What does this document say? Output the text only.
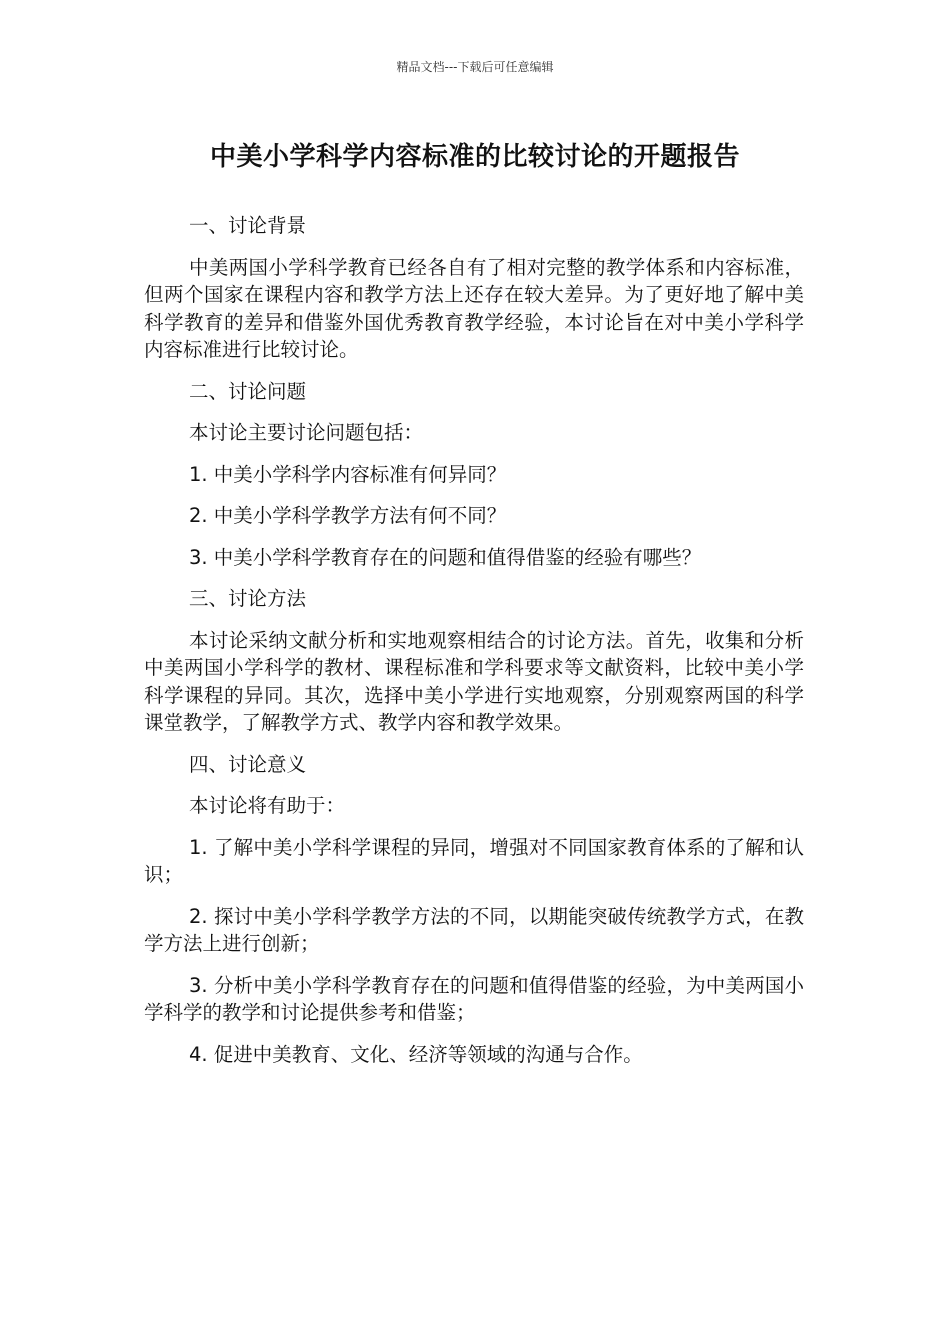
精品文档---下载后可任意编辑
中美小学科学内容标准的比较讨论的开题报告

一、讨论背景

中美两国小学科学教育已经各自有了相对完整的教学体系和内容标准，但两个国家在课程内容和教学方法上还存在较大差异。为了更好地了解中美科学教育的差异和借鉴外国优秀教育教学经验，本讨论旨在对中美小学科学内容标准进行比较讨论。

二、讨论问题

本讨论主要讨论问题包括：

1. 中美小学科学内容标准有何异同？

2. 中美小学科学教学方法有何不同？

3. 中美小学科学教育存在的问题和值得借鉴的经验有哪些？

三、讨论方法

本讨论采纳文献分析和实地观察相结合的讨论方法。首先，收集和分析中美两国小学科学的教材、课程标准和学科要求等文献资料，比较中美小学科学课程的异同。其次，选择中美小学进行实地观察，分别观察两国的科学课堂教学，了解教学方式、教学内容和教学效果。

四、讨论意义

本讨论将有助于：

1. 了解中美小学科学课程的异同，增强对不同国家教育体系的了解和认识；

2. 探讨中美小学科学教学方法的不同，以期能突破传统教学方式，在教学方法上进行创新；

3. 分析中美小学科学教育存在的问题和值得借鉴的经验，为中美两国小学科学的教学和讨论提供参考和借鉴；

4. 促进中美教育、文化、经济等领域的沟通与合作。
